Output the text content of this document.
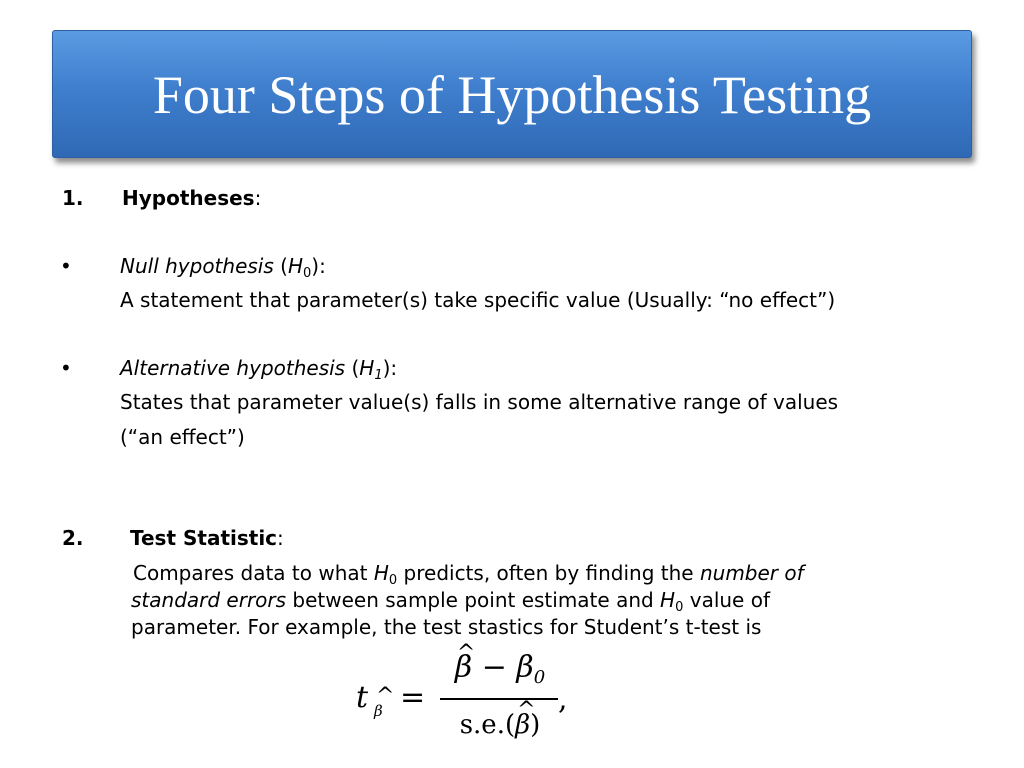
Four Steps of Hypothesis Testing
1. Hypotheses:
• Null hypothesis $(H_0)$:
A statement that parameter(s) take specific value (Usually: “no effect”)
• Alternative hypothesis $(H_1)$:
States that parameter value(s) falls in some alternative range of values
(“an effect”)
2. Test Statistic:
Compares data to what $H_0$ predicts, often by finding the number of
standard errors between sample point estimate and $H_0$ value of
parameter. For example, the test stastics for Student’s t-test is
t
^ β =
^ $\beta - \beta_0$
s.e.(^ β)
,
